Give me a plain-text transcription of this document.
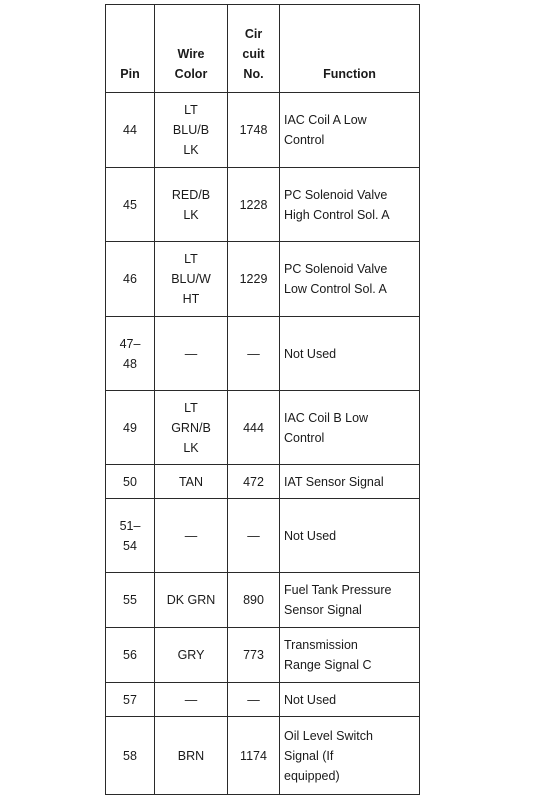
Pin	Wire
Color	Cir
cuit
No.	Function

44	LT
BLU/B
LK	1748	IAC Coil A Low
Control

45	RED/B
LK	1228	PC Solenoid Valve
High Control Sol. A

46	LT
BLU/W
HT	1229	PC Solenoid Valve
Low Control Sol. A

47–
48	—	—	Not Used

49	LT
GRN/B
LK	444	IAC Coil B Low
Control

50	TAN	472	IAT Sensor Signal

51–
54	—	—	Not Used

55	DK GRN	890	Fuel Tank Pressure
Sensor Signal

56	GRY	773	Transmission
Range Signal C

57	—	—	Not Used

58	BRN	1174	Oil Level Switch
Signal (If
equipped)
